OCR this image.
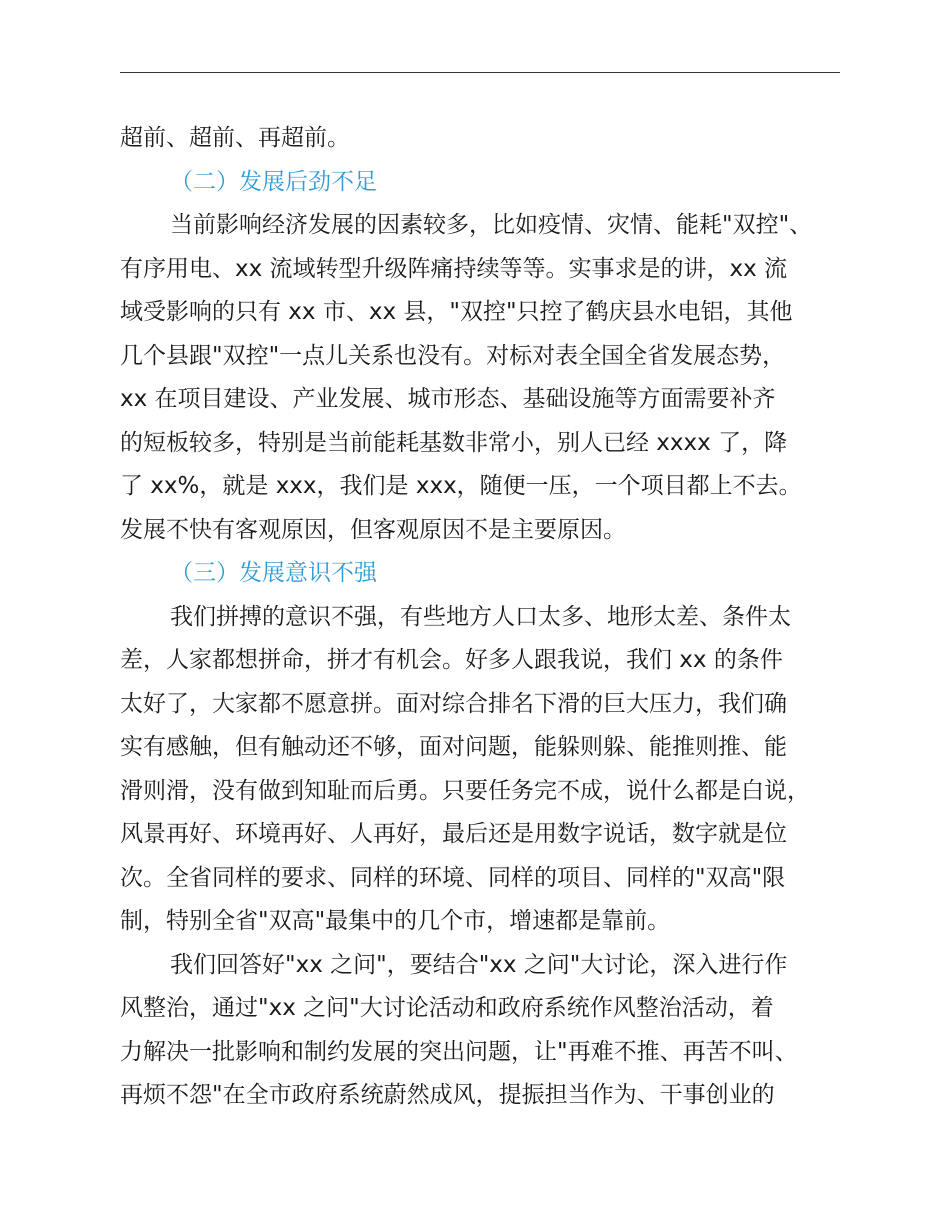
超前、超前、再超前。
（二）发展后劲不足
当前影响经济发展的因素较多，比如疫情、灾情、能耗"双控"、
有序用电、xx 流域转型升级阵痛持续等等。实事求是的讲，xx 流
域受影响的只有 xx 市、xx 县，"双控"只控了鹤庆县水电铝，其他
几个县跟"双控"一点儿关系也没有。对标对表全国全省发展态势，
xx 在项目建设、产业发展、城市形态、基础设施等方面需要补齐
的短板较多，特别是当前能耗基数非常小，别人已经 xxxx 了，降
了 xx%，就是 xxx，我们是 xxx，随便一压，一个项目都上不去。
发展不快有客观原因，但客观原因不是主要原因。
（三）发展意识不强
我们拼搏的意识不强，有些地方人口太多、地形太差、条件太
差，人家都想拼命，拼才有机会。好多人跟我说，我们 xx 的条件
太好了，大家都不愿意拼。面对综合排名下滑的巨大压力，我们确
实有感触，但有触动还不够，面对问题，能躲则躲、能推则推、能
滑则滑，没有做到知耻而后勇。只要任务完不成，说什么都是白说，
风景再好、环境再好、人再好，最后还是用数字说话，数字就是位
次。全省同样的要求、同样的环境、同样的项目、同样的"双高"限
制，特别全省"双高"最集中的几个市，增速都是靠前。
我们回答好"xx 之问"，要结合"xx 之问"大讨论，深入进行作
风整治，通过"xx 之问"大讨论活动和政府系统作风整治活动，着
力解决一批影响和制约发展的突出问题，让"再难不推、再苦不叫、
再烦不怨"在全市政府系统蔚然成风，提振担当作为、干事创业的
